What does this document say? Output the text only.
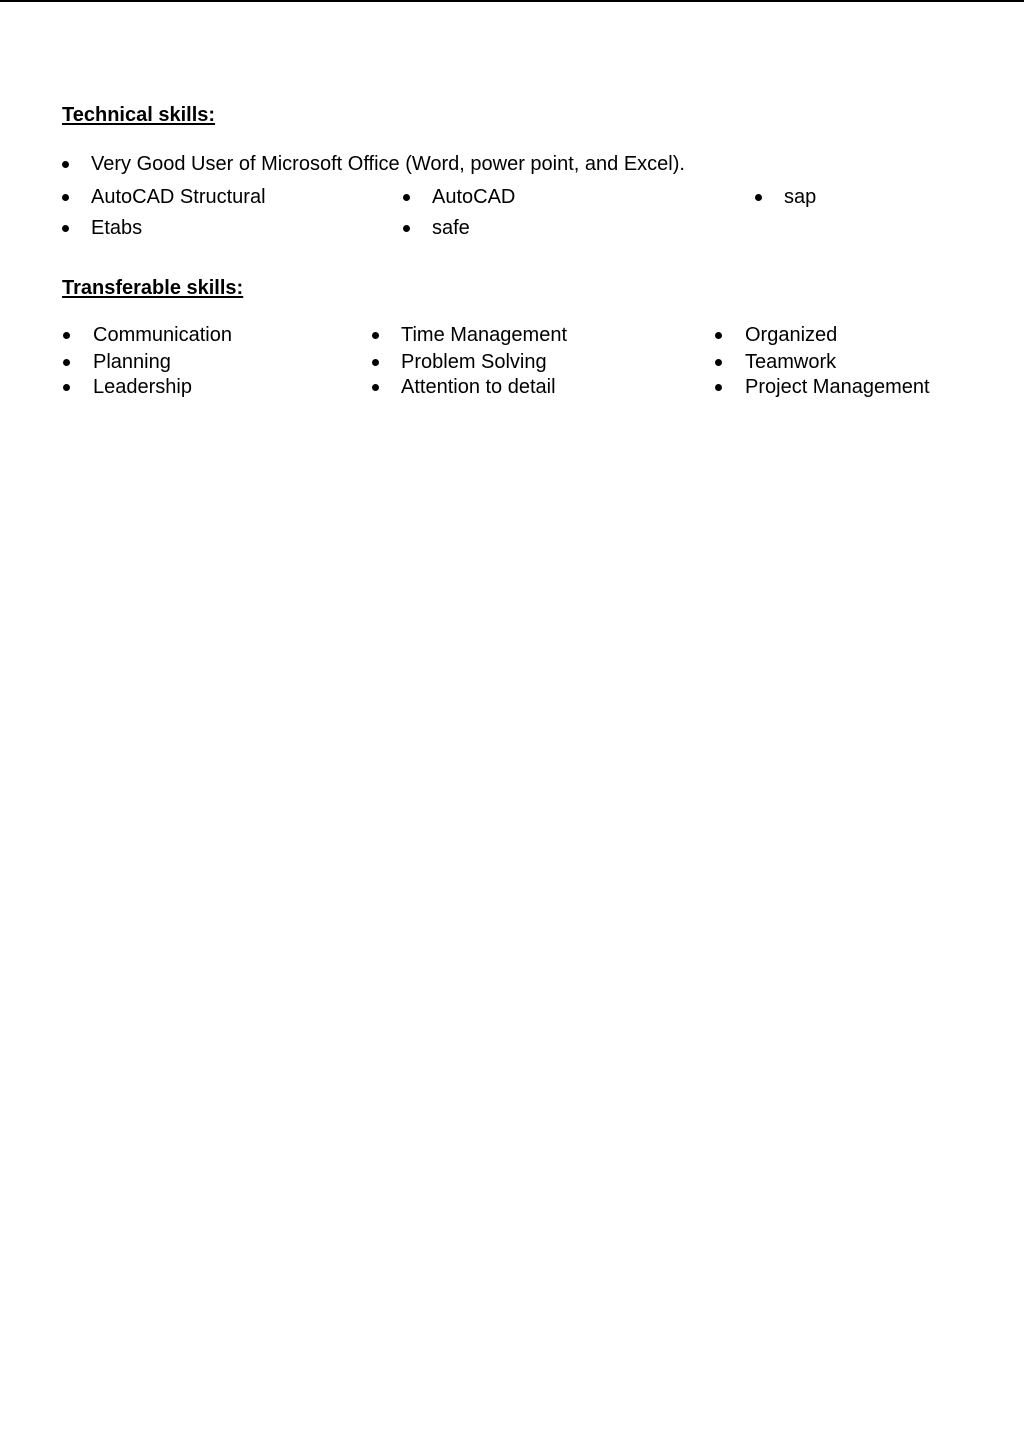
Technical skills:
Very Good User of Microsoft Office (Word, power point, and Excel).
AutoCAD Structural	AutoCAD	sap
Etabs	safe
Transferable skills:
Communication	Time Management	Organized
Planning	Problem Solving	Teamwork
Leadership	Attention to detail	Project Management
